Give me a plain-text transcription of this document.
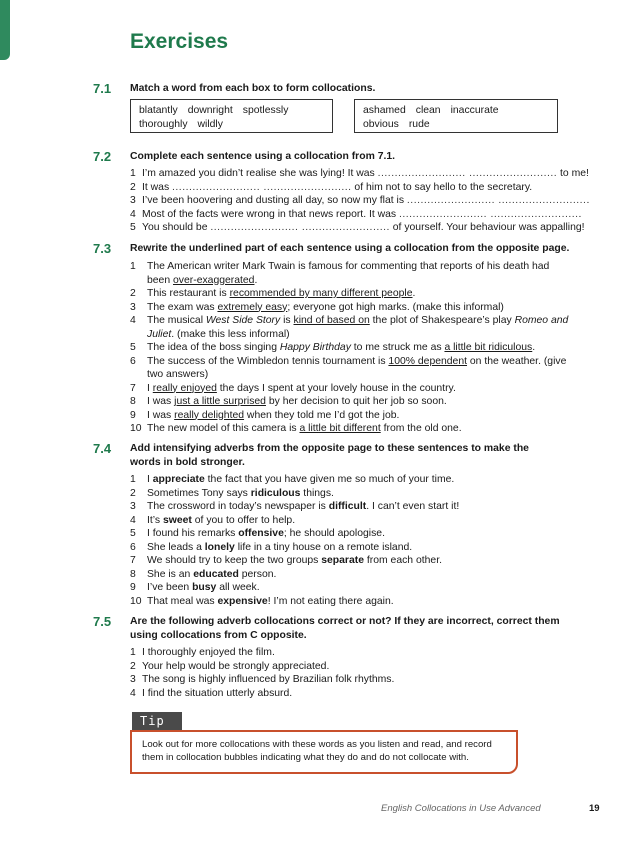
Exercises
7.1 Match a word from each box to form collocations.
blatantly downright spotlessly
thoroughly wildly
ashamed clean inaccurate
obvious rude
7.2 Complete each sentence using a collocation from 7.1.
1 I’m amazed you didn’t realise she was lying! It was .......................... .......................... to me!
2 It was .......................... .......................... of him not to say hello to the secretary.
3 I’ve been hoovering and dusting all day, so now my flat is .......................... ...........................
4 Most of the facts were wrong in that news report. It was .......................... ...........................
5 You should be .......................... .......................... of yourself. Your behaviour was appalling!
7.3 Rewrite the underlined part of each sentence using a collocation from the opposite page.
1	The American writer Mark Twain is famous for commenting that reports of his death had been over-exaggerated.
2	This restaurant is recommended by many different people.
3	The exam was extremely easy; everyone got high marks. (make this informal)
4	The musical West Side Story is kind of based on the plot of Shakespeare’s play Romeo and Juliet. (make this less informal)
5	The idea of the boss singing Happy Birthday to me struck me as a little bit ridiculous.
6	The success of the Wimbledon tennis tournament is 100% dependent on the weather. (give two answers)
7	I really enjoyed the days I spent at your lovely house in the country.
8	I was just a little surprised by her decision to quit her job so soon.
9	I was really delighted when they told me I’d got the job.
10 The new model of this camera is a little bit different from the old one.
7.4 Add intensifying adverbs from the opposite page to these sentences to make the words in bold stronger.
1	I appreciate the fact that you have given me so much of your time.
2	Sometimes Tony says ridiculous things.
3	The crossword in today’s newspaper is difficult. I can’t even start it!
4	It’s sweet of you to offer to help.
5	I found his remarks offensive; he should apologise.
6	She leads a lonely life in a tiny house on a remote island.
7	We should try to keep the two groups separate from each other.
8	She is an educated person.
9	I’ve been busy all week.
10 That meal was expensive! I’m not eating there again.
7.5 Are the following adverb collocations correct or not? If they are incorrect, correct them using collocations from C opposite.
1 I thoroughly enjoyed the film.
2 Your help would be strongly appreciated.
3 The song is highly influenced by Brazilian folk rhythms.
4 I find the situation utterly absurd.
Tip
Look out for more collocations with these words as you listen and read, and record them in collocation bubbles indicating what they do and do not collocate with.
English Collocations in Use Advanced	19
